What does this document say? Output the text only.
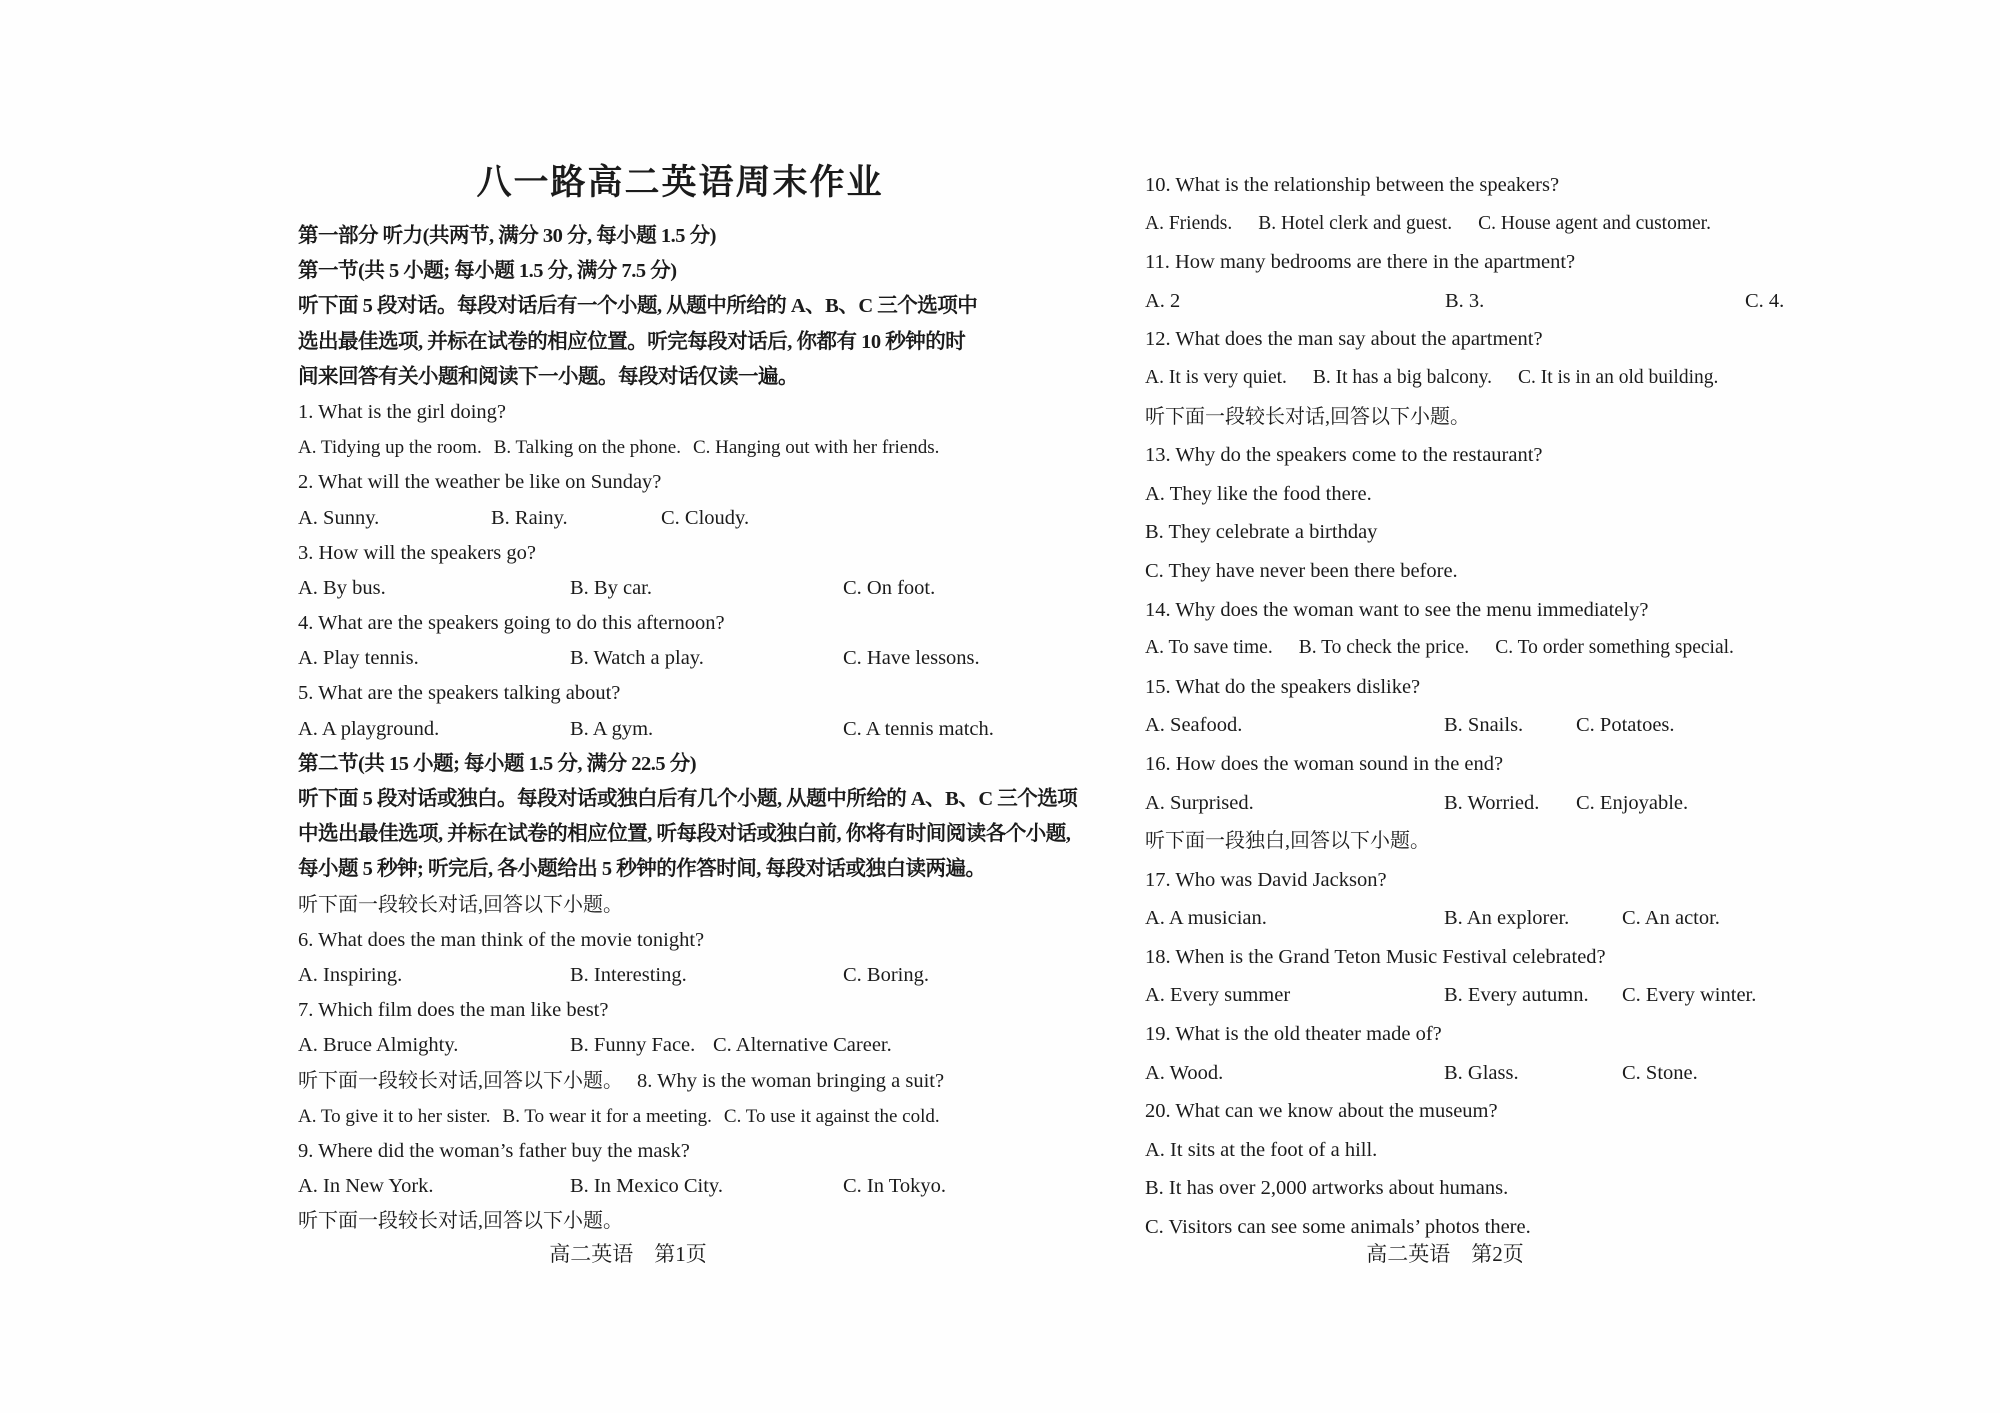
八一路高二英语周末作业
第一部分 听力(共两节, 满分 30 分, 每小题 1.5 分)
第一节(共 5 小题; 每小题 1.5 分, 满分 7.5 分)
听下面 5 段对话。每段对话后有一个小题, 从题中所给的 A、B、C 三个选项中
选出最佳选项, 并标在试卷的相应位置。听完每段对话后, 你都有 10 秒钟的时
间来回答有关小题和阅读下一小题。每段对话仅读一遍。
1. What is the girl doing?
A. Tidying up the room. B. Talking on the phone. C. Hanging out with her friends.
2. What will the weather be like on Sunday?
A. Sunny.	B. Rainy.	C. Cloudy.
3. How will the speakers go?
A. By bus.	B. By car.	C. On foot.
4. What are the speakers going to do this afternoon?
A. Play tennis.	B. Watch a play.	C. Have lessons.
5. What are the speakers talking about?
A. A playground.	B. A gym.	C. A tennis match.
第二节(共 15 小题; 每小题 1.5 分, 满分 22.5 分)
听下面 5 段对话或独白。每段对话或独白后有几个小题, 从题中所给的 A、B、C 三个选项
中选出最佳选项, 并标在试卷的相应位置, 听每段对话或独白前, 你将有时间阅读各个小题,
每小题 5 秒钟; 听完后, 各小题给出 5 秒钟的作答时间, 每段对话或独白读两遍。
听下面一段较长对话,回答以下小题。
6. What does the man think of the movie tonight?
A. Inspiring.	B. Interesting.	C. Boring.
7. Which film does the man like best?
A. Bruce Almighty.	B. Funny Face. C. Alternative Career.
听下面一段较长对话,回答以下小题。 8. Why is the woman bringing a suit?
A. To give it to her sister. B. To wear it for a meeting. C. To use it against the cold.
9. Where did the woman’s father buy the mask?
A. In New York.	B. In Mexico City.	C. In Tokyo.
听下面一段较长对话,回答以下小题。
10. What is the relationship between the speakers?
A. Friends. B. Hotel clerk and guest. C. House agent and customer.
11. How many bedrooms are there in the apartment?
A. 2	B. 3.	C. 4.
12. What does the man say about the apartment?
A. It is very quiet. B. It has a big balcony. C. It is in an old building.
听下面一段较长对话,回答以下小题。
13. Why do the speakers come to the restaurant?
A. They like the food there.
B. They celebrate a birthday
C. They have never been there before.
14. Why does the woman want to see the menu immediately?
A. To save time. B. To check the price. C. To order something special.
15. What do the speakers dislike?
A. Seafood.	B. Snails.	C. Potatoes.
16. How does the woman sound in the end?
A. Surprised.	B. Worried. C. Enjoyable.
听下面一段独白,回答以下小题。
17. Who was David Jackson?
A. A musician.	B. An explorer.	C. An actor.
18. When is the Grand Teton Music Festival celebrated?
A. Every summer	B. Every autumn. C. Every winter.
19. What is the old theater made of?
A. Wood.	B. Glass.	C. Stone.
20. What can we know about the museum?
A. It sits at the foot of a hill.
B. It has over 2,000 artworks about humans.
C. Visitors can see some animals’ photos there.
高二英语　第1页	高二英语　第2页
